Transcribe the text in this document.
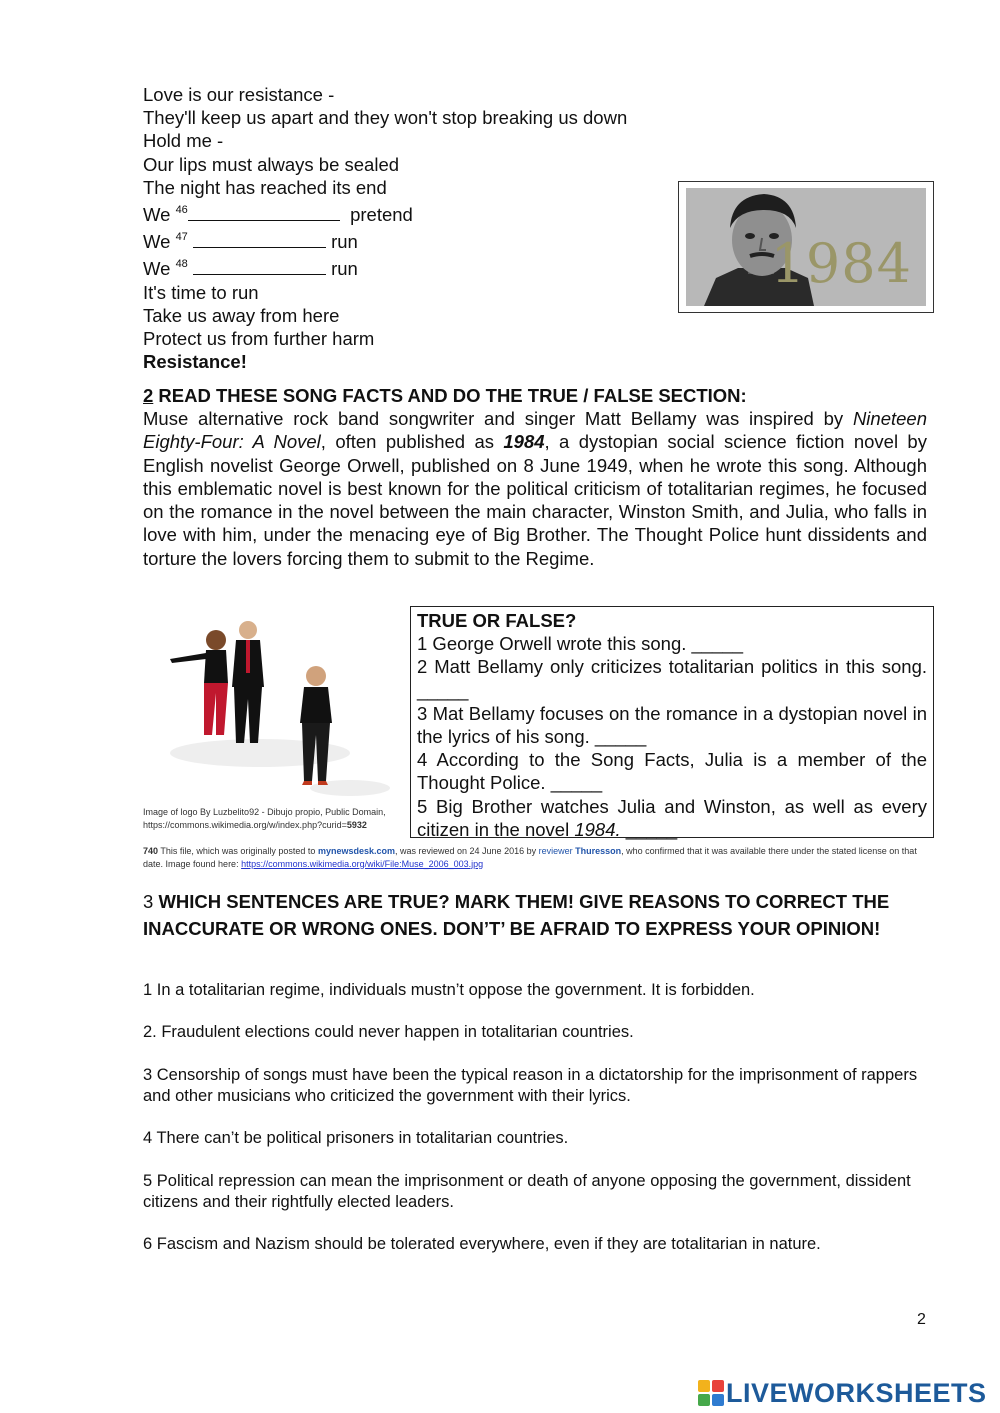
Love is our resistance -
They'll keep us apart and they won't stop breaking us down
Hold me -
Our lips must always be sealed
The night has reached its end
We $^{46}$	pretend
We $^{47}$	run
We $^{48}$	run
It's time to run
Take us away from here
Protect us from further harm
Resistance!
1984
2 READ THESE SONG FACTS AND DO THE TRUE / FALSE SECTION:
Muse alternative rock band songwriter and singer Matt Bellamy was inspired by Nineteen Eighty-Four: A Novel, often published as 1984, a dystopian social science fiction novel by English novelist George Orwell, published on 8 June 1949, when he wrote this song. Although this emblematic novel is best known for the political criticism of totalitarian regimes, he focused on the romance in the novel between the main character, Winston Smith, and Julia, who falls in love with him, under the menacing eye of Big Brother. The Thought Police hunt dissidents and torture the lovers forcing them to submit to the Regime.
TRUE OR FALSE?
1 George Orwell wrote this song. _____
2 Matt Bellamy only criticizes totalitarian politics in this song. _____
3 Mat Bellamy focuses on the romance in a dystopian novel in the lyrics of his song. _____
4 According to the Song Facts, Julia is a member of the Thought Police. _____
5 Big Brother watches Julia and Winston, as well as every citizen in the novel 1984. _____
Image of logo By Luzbelito92 - Dibujo propio, Public Domain,
https://commons.wikimedia.org/w/index.php?curid=5932
740 This file, which was originally posted to mynewsdesk.com, was reviewed on 24 June 2016 by reviewer Thuresson, who confirmed that it was available there under the stated license on that date. Image found here: https://commons.wikimedia.org/wiki/File:Muse_2006_003.jpg
3 WHICH SENTENCES ARE TRUE? MARK THEM! GIVE REASONS TO CORRECT THE INACCURATE OR WRONG ONES. DON’T’ BE AFRAID TO EXPRESS YOUR OPINION!
1 In a totalitarian regime, individuals mustn’t oppose the government. It is forbidden.
2. Fraudulent elections could never happen in totalitarian countries.
3 Censorship of songs must have been the typical reason in a dictatorship for the imprisonment of rappers and other musicians who criticized the government with their lyrics.
4 There can’t be political prisoners in totalitarian countries.
5 Political repression can mean the imprisonment or death of anyone opposing the government, dissident citizens and their rightfully elected leaders.
6 Fascism and Nazism should be tolerated everywhere, even if they are totalitarian in nature.
2
LIVEWORKSHEETS
